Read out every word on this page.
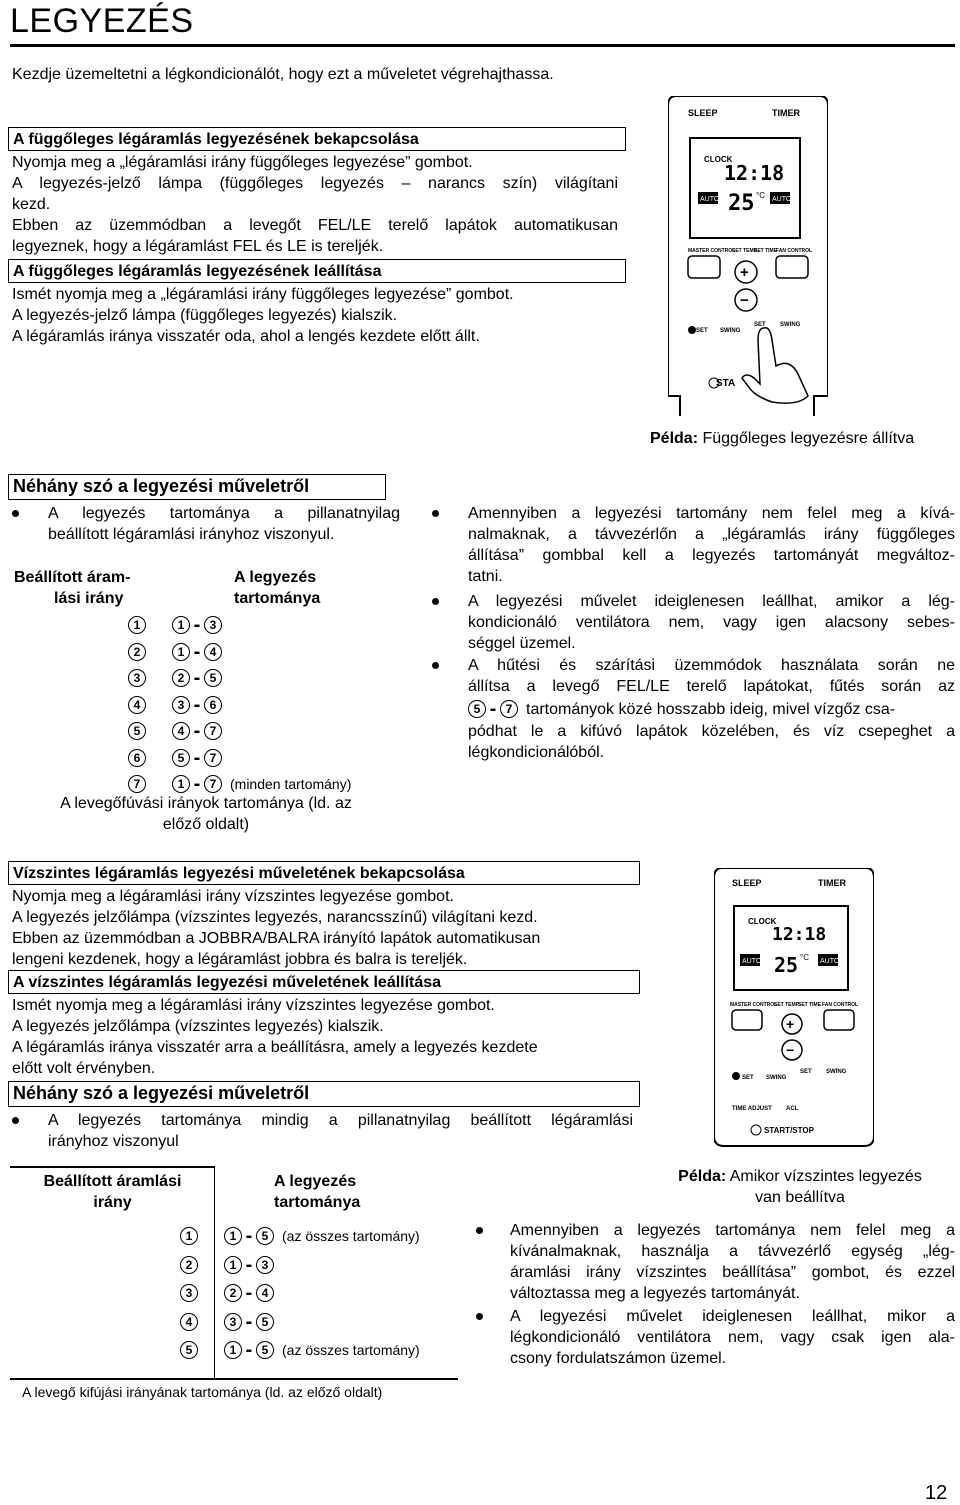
LEGYEZÉS
Kezdje üzemeltetni a légkondicionálót, hogy ezt a műveletet végrehajthassa.
A függőleges légáramlás legyezésének bekapcsolása
Nyomja meg a „légáramlási irány függőleges legyezése” gombot.
A legyezés-jelző lámpa (függőleges legyezés – narancs szín) világítani
kezd.
Ebben az üzemmódban a levegőt FEL/LE terelő lapátok automatikusan
legyeznek, hogy a légáramlást FEL és LE is tereljék.
A függőleges légáramlás legyezésének leállítása
Ismét nyomja meg a „légáramlási irány függőleges legyezése” gombot.
A legyezés-jelző lámpa (függőleges legyezés) kialszik.
A légáramlás iránya visszatér oda, ahol a lengés kezdete előtt állt.
SLEEP	TIMER
CLOCK
12:18
AUTO 25 °C AUTO
MASTER CONTROL
SET TEMP.
SET TIME
FAN CONTROL
+
−
SET SWING
SET SWING
STA
Példa: Függőleges legyezésre állítva
Néhány szó a legyezési műveletről
A legyezés tartománya a pillanatnyilag
beállított légáramlási irányhoz viszonyul.
Beállított áram-
lási irány
A legyezés
tartománya
1	1 - 3
2	1 - 4
3	2 - 5
4	3 - 6
5	4 - 7
6	5 - 7
7	1 - 7 (minden tartomány)
A levegőfúvási irányok tartománya (ld. az
előző oldalt)
Amennyiben a legyezési tartomány nem felel meg a kívá-
nalmaknak, a távvezérlőn a „légáramlás irány függőleges
állítása” gombbal kell a legyezés tartományát megváltoz-
tatni.
A legyezési művelet ideiglenesen leállhat, amikor a lég-
kondicionáló ventilátora nem, vagy igen alacsony sebes-
séggel üzemel.
A hűtési és szárítási üzemmódok használata során ne
állítsa a levegő FEL/LE terelő lapátokat, fűtés során az
5 - 7 tartományok közé hosszabb ideig, mivel vízgőz csa-
pódhat le a kifúvó lapátok közelében, és víz csepeghet a
légkondicionálóból.
Vízszintes légáramlás legyezési műveletének bekapcsolása
Nyomja meg a légáramlási irány vízszintes legyezése gombot.
A legyezés jelzőlámpa (vízszintes legyezés, narancsszínű) világítani kezd.
Ebben az üzemmódban a JOBBRA/BALRA irányító lapátok automatikusan
lengeni kezdenek, hogy a légáramlást jobbra és balra is tereljék.
A vízszintes légáramlás legyezési műveletének leállítása
Ismét nyomja meg a légáramlási irány vízszintes legyezése gombot.
A legyezés jelzőlámpa (vízszintes legyezés) kialszik.
A légáramlás iránya visszatér arra a beállításra, amely a legyezés kezdete
előtt volt érvényben.
Néhány szó a legyezési műveletről
A legyezés tartománya mindig a pillanatnyilag beállított légáramlási
irányhoz viszonyul
SLEEP	TIMER
CLOCK
12:18
AUTO 25 °C AUTO
MASTER CONTROL
SET TEMP.
SET TIME FAN CONTROL
+
−
SET SWING
SET SWING
TIME ADJUST ACL
START/STOP
Példa: Amikor vízszintes legyezés
van beállítva
Beállított áramlási
irány
A legyezés
tartománya
1	1 - 5 (az összes tartomány)
2	1 - 3
3	2 - 4
4	3 - 5
5	1 - 5 (az összes tartomány)
A levegő kifújási irányának tartománya (ld. az előző oldalt)
Amennyiben a legyezés tartománya nem felel meg a
kívánalmaknak, használja a távvezérlő egység „lég-
áramlási irány vízszintes beállítása” gombot, és ezzel
változtassa meg a legyezés tartományát.
A legyezési művelet ideiglenesen leállhat, mikor a
légkondicionáló ventilátora nem, vagy csak igen ala-
csony fordulatszámon üzemel.
12
